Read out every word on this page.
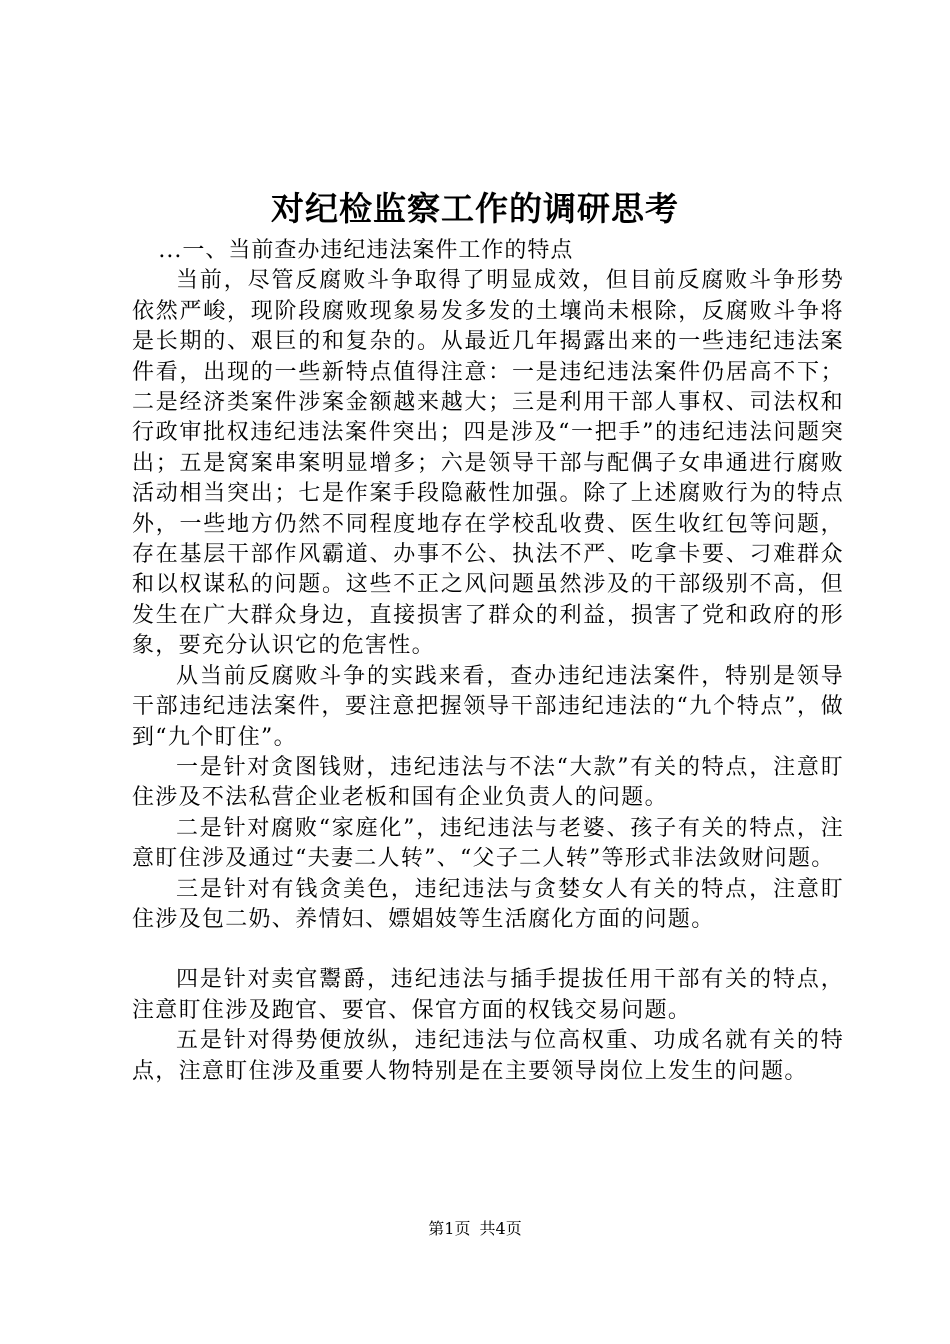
对纪检监察工作的调研思考

...一、当前查办违纪违法案件工作的特点

当前，尽管反腐败斗争取得了明显成效，但目前反腐败斗争形势依然严峻，现阶段腐败现象易发多发的土壤尚未根除，反腐败斗争将是长期的、艰巨的和复杂的。从最近几年揭露出来的一些违纪违法案件看，出现的一些新特点值得注意：一是违纪违法案件仍居高不下；二是经济类案件涉案金额越来越大；三是利用干部人事权、司法权和行政审批权违纪违法案件突出；四是涉及“一把手”的违纪违法问题突出；五是窝案串案明显增多；六是领导干部与配偶子女串通进行腐败活动相当突出；七是作案手段隐蔽性加强。除了上述腐败行为的特点外，一些地方仍然不同程度地存在学校乱收费、医生收红包等问题，存在基层干部作风霸道、办事不公、执法不严、吃拿卡要、刁难群众和以权谋私的问题。这些不正之风问题虽然涉及的干部级别不高，但发生在广大群众身边，直接损害了群众的利益，损害了党和政府的形象，要充分认识它的危害性。

从当前反腐败斗争的实践来看，查办违纪违法案件，特别是领导干部违纪违法案件，要注意把握领导干部违纪违法的“九个特点”，做到“九个盯住”。

一是针对贪图钱财，违纪违法与不法“大款”有关的特点，注意盯住涉及不法私营企业老板和国有企业负责人的问题。

二是针对腐败“家庭化”，违纪违法与老婆、孩子有关的特点，注意盯住涉及通过“夫妻二人转”、“父子二人转”等形式非法敛财问题。

三是针对有钱贪美色，违纪违法与贪婪女人有关的特点，注意盯住涉及包二奶、养情妇、嫖娼妓等生活腐化方面的问题。

四是针对卖官鬻爵，违纪违法与插手提拔任用干部有关的特点，注意盯住涉及跑官、要官、保官方面的权钱交易问题。

五是针对得势便放纵，违纪违法与位高权重、功成名就有关的特点，注意盯住涉及重要人物特别是在主要领导岗位上发生的问题。

第1页 共4页
